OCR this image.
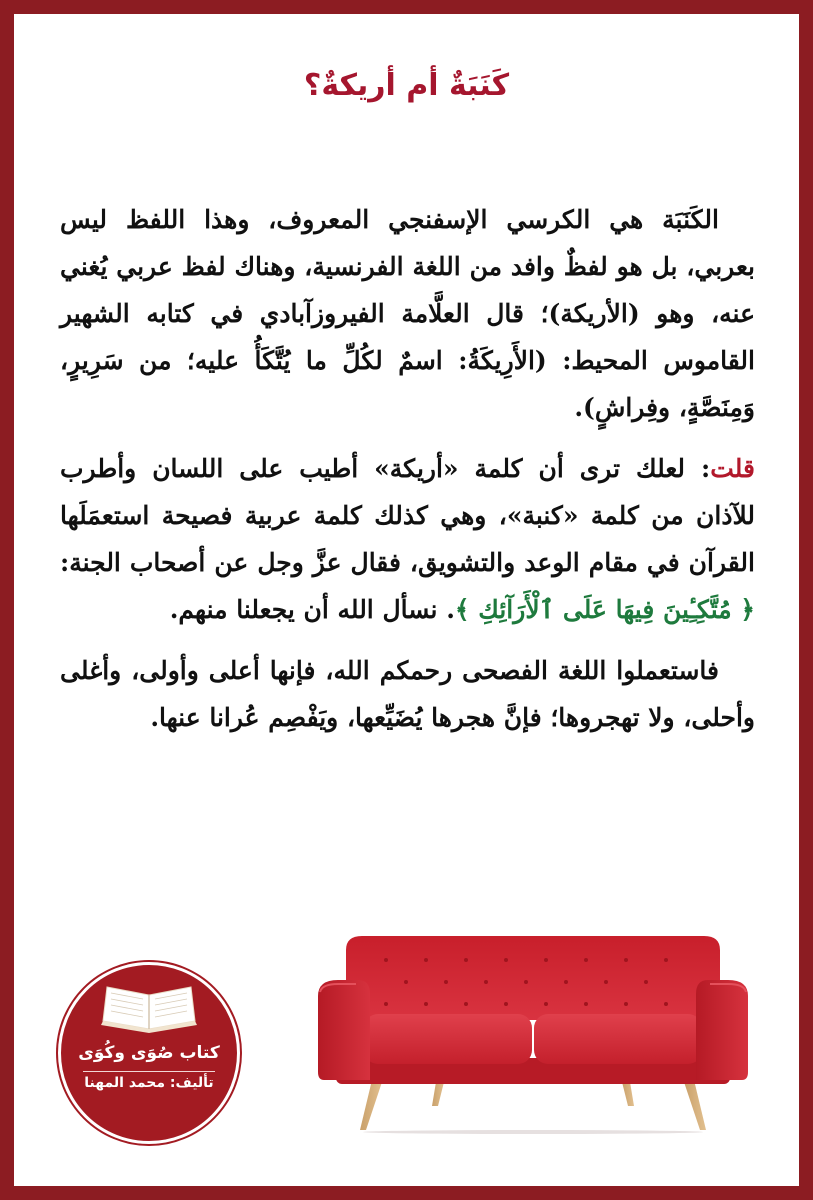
كَنَبَةٌ أم أريكةٌ؟

الكَنَبَة هي الكرسي الإسفنجي المعروف، وهذا اللفظ ليس بعربي، بل هو لفظٌ وافد من اللغة الفرنسية، وهناك لفظ عربي يُغني عنه، وهو (الأريكة)؛ قال العلَّامة الفيروزآبادي في كتابه الشهير القاموس المحيط: (الأَرِيكَةُ: اسمٌ لكُلِّ ما يُتَّكَأُ عليه؛ من سَرِيرٍ، وَمِنَصَّةٍ، وفِراشٍ).

قلت: لعلك ترى أن كلمة «أريكة» أطيب على اللسان وأطرب للآذان من كلمة «كنبة»، وهي كذلك كلمة عربية فصيحة استعمَلَها القرآن في مقام الوعد والتشويق، فقال عزَّ وجل عن أصحاب الجنة: ﴿ مُتَّكِـِٔينَ فِيهَا عَلَى ٱلْأَرَآئِكِ ﴾. نسأل الله أن يجعلنا منهم.

فاستعملوا اللغة الفصحى رحمكم الله، فإنها أعلى وأولى، وأغلى وأحلى، ولا تهجروها؛ فإنَّ هجرها يُضَيِّعها، ويَفْصِم عُرانا عنها.

كتاب صُوَى وكُوَى
تأليف: محمد المهنا
